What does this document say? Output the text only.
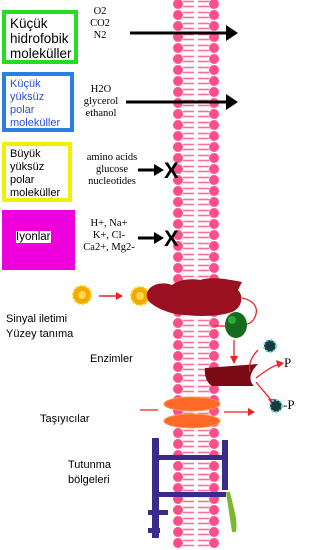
Küçük hidrofobik moleküller
Küçük yüksüz polar moleküller
Büyük yüksüz polar moleküller
İyonlar
O2
CO2
N2
H2O
glycerol
ethanol
amino acids
glucose
nucleotides
H+, Na+
K+, Cl-
Ca2+, Mg2-
X
X
P
-P
Sinyal iletimi
Yüzey tanıma
Enzimler
Taşıyıcılar
Tutunma
bölgeleri
